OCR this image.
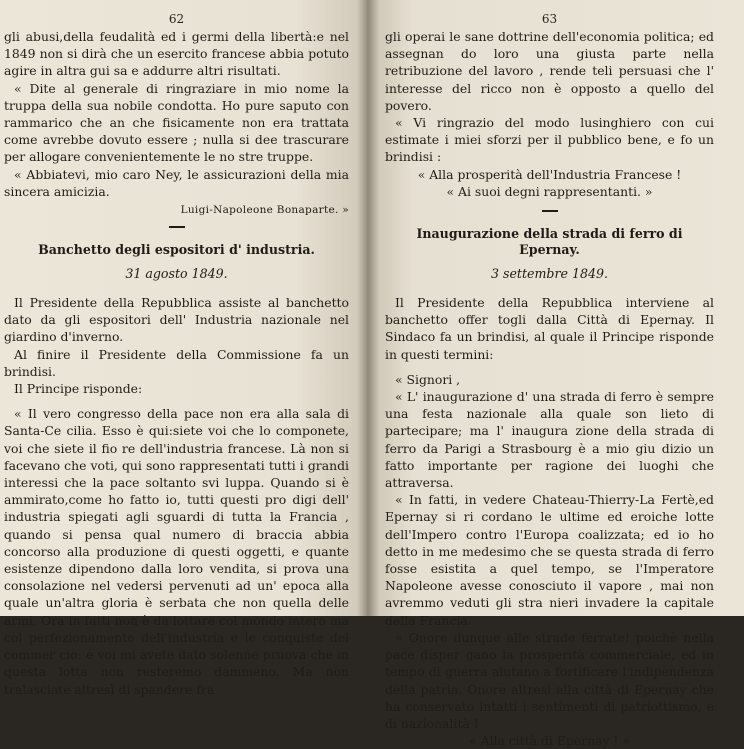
62

gli abusi,della feudalità ed i germi della libertà:e nel 1849 non si dirà che un esercito francese abbia potuto agire in altra gui sa e addurre altri risultati.

« Dite al generale di ringraziare in mio nome la truppa della sua nobile condotta. Ho pure saputo con rammarico che an che fisicamente non era trattata come avrebbe dovuto essere ; nulla si dee trascurare per allogare convenientemente le no stre truppe.

« Abbiatevi, mio caro Ney, le assicurazioni della mia sincera amicizia.

Luigi-Napoleone Bonaparte. »
Banchetto degli espositori d' industria.
31 agosto 1849.

Il Presidente della Repubblica assiste al banchetto dato da gli espositori dell' Industria nazionale nel giardino d'inverno.

Al finire il Presidente della Commissione fa un brindisi.

Il Principe risponde:

« Il vero congresso della pace non era alla sala di Santa-Ce cilia. Esso è qui:siete voi che lo componete, voi che siete il fio re dell'industria francese. Là non si facevano che voti, qui sono rappresentati tutti i grandi interessi che la pace soltanto svi luppa. Quando si è ammirato,come ho fatto io, tutti questi pro digi dell' industria spiegati agli sguardi di tutta la Francia , quando si pensa qual numero di braccia abbia concorso alla produzione di questi oggetti, e quante esistenze dipendono dalla loro vendita, si prova una consolazione nel vedersi pervenuti ad un' epoca alla quale un'altra gloria è serbata che non quella delle armi. Ora in fatti non è da lottare col mondo intero ma col perfezionamento dell'industria e le conquiste del commer cio: e voi mi avete dato solenne pruova che in questa lotta non resteremo dammeno. Ma non tralasciate altresì di spandere fra

63

gli operai le sane dottrine dell'economia politica; ed assegnan do loro una giusta parte nella retribuzione del lavoro , rende teli persuasi che l' interesse del ricco non è opposto a quello del povero.

« Vi ringrazio del modo lusinghiero con cui estimate i miei sforzi per il pubblico bene, e fo un brindisi :

« Alla prosperità dell'Industria Francese !

« Ai suoi degni rappresentanti. »

Inaugurazione della strada di ferro di Epernay.
3 settembre 1849.

Il Presidente della Repubblica interviene al banchetto offer togli dalla Città di Epernay. Il Sindaco fa un brindisi, al quale il Principe risponde in questi termini:

« Signori ,

« L' inaugurazione d' una strada di ferro è sempre una festa nazionale alla quale son lieto di partecipare; ma l' inaugura zione della strada di ferro da Parigi a Strasbourg è a mio giu dizio un fatto importante per ragione dei luoghi che attraversa.

« In fatti, in vedere Chateau-Thierry-La Fertè,ed Epernay si ri cordano le ultime ed eroiche lotte dell'Impero contro l'Europa coalizzata; ed io ho detto in me medesimo che se questa strada di ferro fosse esistita a quel tempo, se l'Imperatore Napoleone avesse conosciuto il vapore , mai non avremmo veduti gli stra nieri invadere la capitale della Francia.

« Onore dunque alle strade ferrate! poichè nella pace disper gano la prosperità commerciale, ed in tempo di guerra aiutano a fortificare l'indipendenza della patria. Onore altresì alla città di Epernay che ha conservato intatti i sentimenti di patriottismo, e di nazionalità !

« Alla città di Epernay ! »
